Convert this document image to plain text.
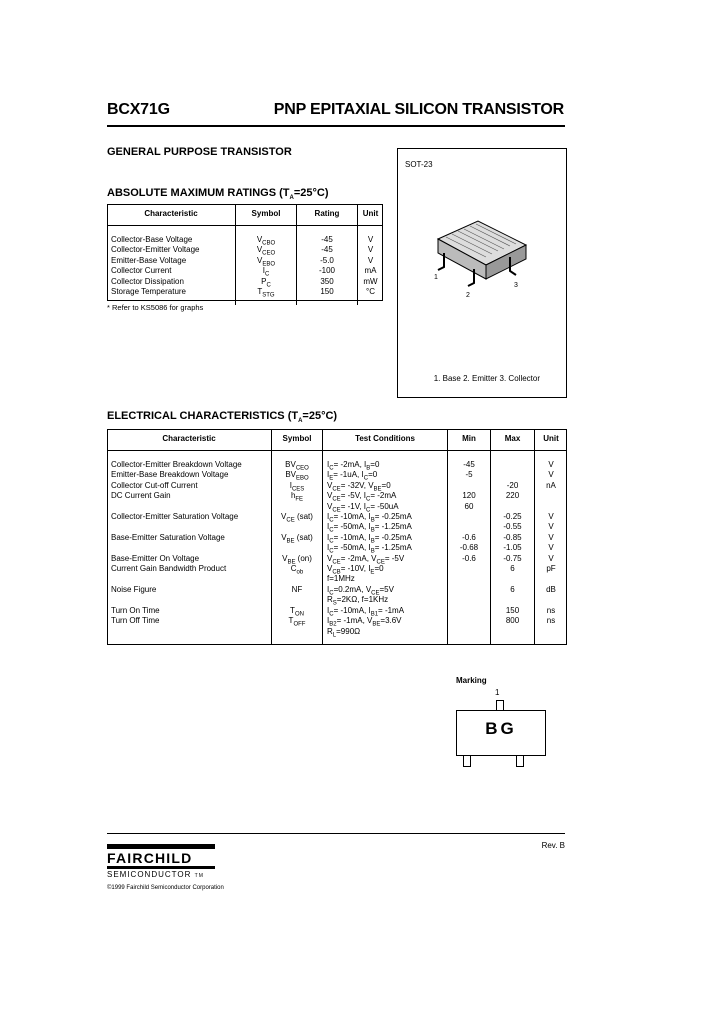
BCX71G	PNP EPITAXIAL SILICON TRANSISTOR
GENERAL PURPOSE TRANSISTOR
SOT-23
1
2
3
1. Base 2. Emitter 3. Collector
ABSOLUTE MAXIMUM RATINGS $(T_A=25^\circ C)$
Characteristic	Symbol	Rating	Unit
Collector-Base Voltage	$V_{CBO}$	-45	V
Collector-Emitter Voltage	$V_{CEO}$	-45	V
Emitter-Base Voltage	$V_{EBO}$	-5.0	V
Collector Current	$I_C$	-100	mA
Collector Dissipation	$P_C$	350	mW
Storage Temperature	$T_{STG}$	150	°C

* Refer to KS5086 for graphs
ELECTRICAL CHARACTERISTICS $(T_A=25^\circ C)$
Characteristic	Symbol	Test Conditions	Min	Max	Unit
Collector-Emitter Breakdown Voltage	$BV_{CEO}$	$I_C= -2mA$, $I_B=0$	-45		V
Emitter-Base Breakdown Voltage	$BV_{EBO}$	$I_E= -1uA$, $I_C=0$	-5		V
Collector Cut-off Current	$I_{CES}$	$V_{CE}= -32V$, $V_{BE}=0$		-20	nA
DC Current Gain	$h_{FE}$	$V_{CE}= -5V$, $I_C= -2mA$	120	220	
		$V_{CE}= -1V$, $I_C= -50uA$	60		
Collector-Emitter Saturation Voltage	$V_{CE}$ (sat)	$I_C= -10mA$, $I_B= -0.25mA$		-0.25	V
		$I_C= -50mA$, $I_B= -1.25mA$		-0.55	V
Base-Emitter Saturation Voltage	$V_{BE}$ (sat)	$I_C= -10mA$, $I_B= -0.25mA$	-0.6	-0.85	V
		$I_C= -50mA$, $I_B= -1.25mA$	-0.68	-1.05	V
Base-Emitter On Voltage	$V_{BE}$ (on)	$V_{CE}= -2mA$, $V_{CE}= -5V$	-0.6	-0.75	V
Current Gain Bandwidth Product	$C_{ob}$	$V_{CB}= -10V$, $I_E=0$		6	pF
		f=1MHz			
Noise Figure	NF	$I_C=0.2mA$, $V_{CE}=5V$		6	dB
		$R_S=2K\Omega$, f=1KHz			
Turn On Time	$T_{ON}$	$I_C= -10mA$, $I_{B1}= -1mA$		150	ns
Turn Off Time	$T_{OFF}$	$I_{B2}= -1mA$, $V_{BE}=3.6V$		800	ns
		$R_L=990\Omega$			

Marking
1
BG
FAIRCHILD
SEMICONDUCTOR TM
©1999 Fairchild Semiconductor Corporation
Rev. B
